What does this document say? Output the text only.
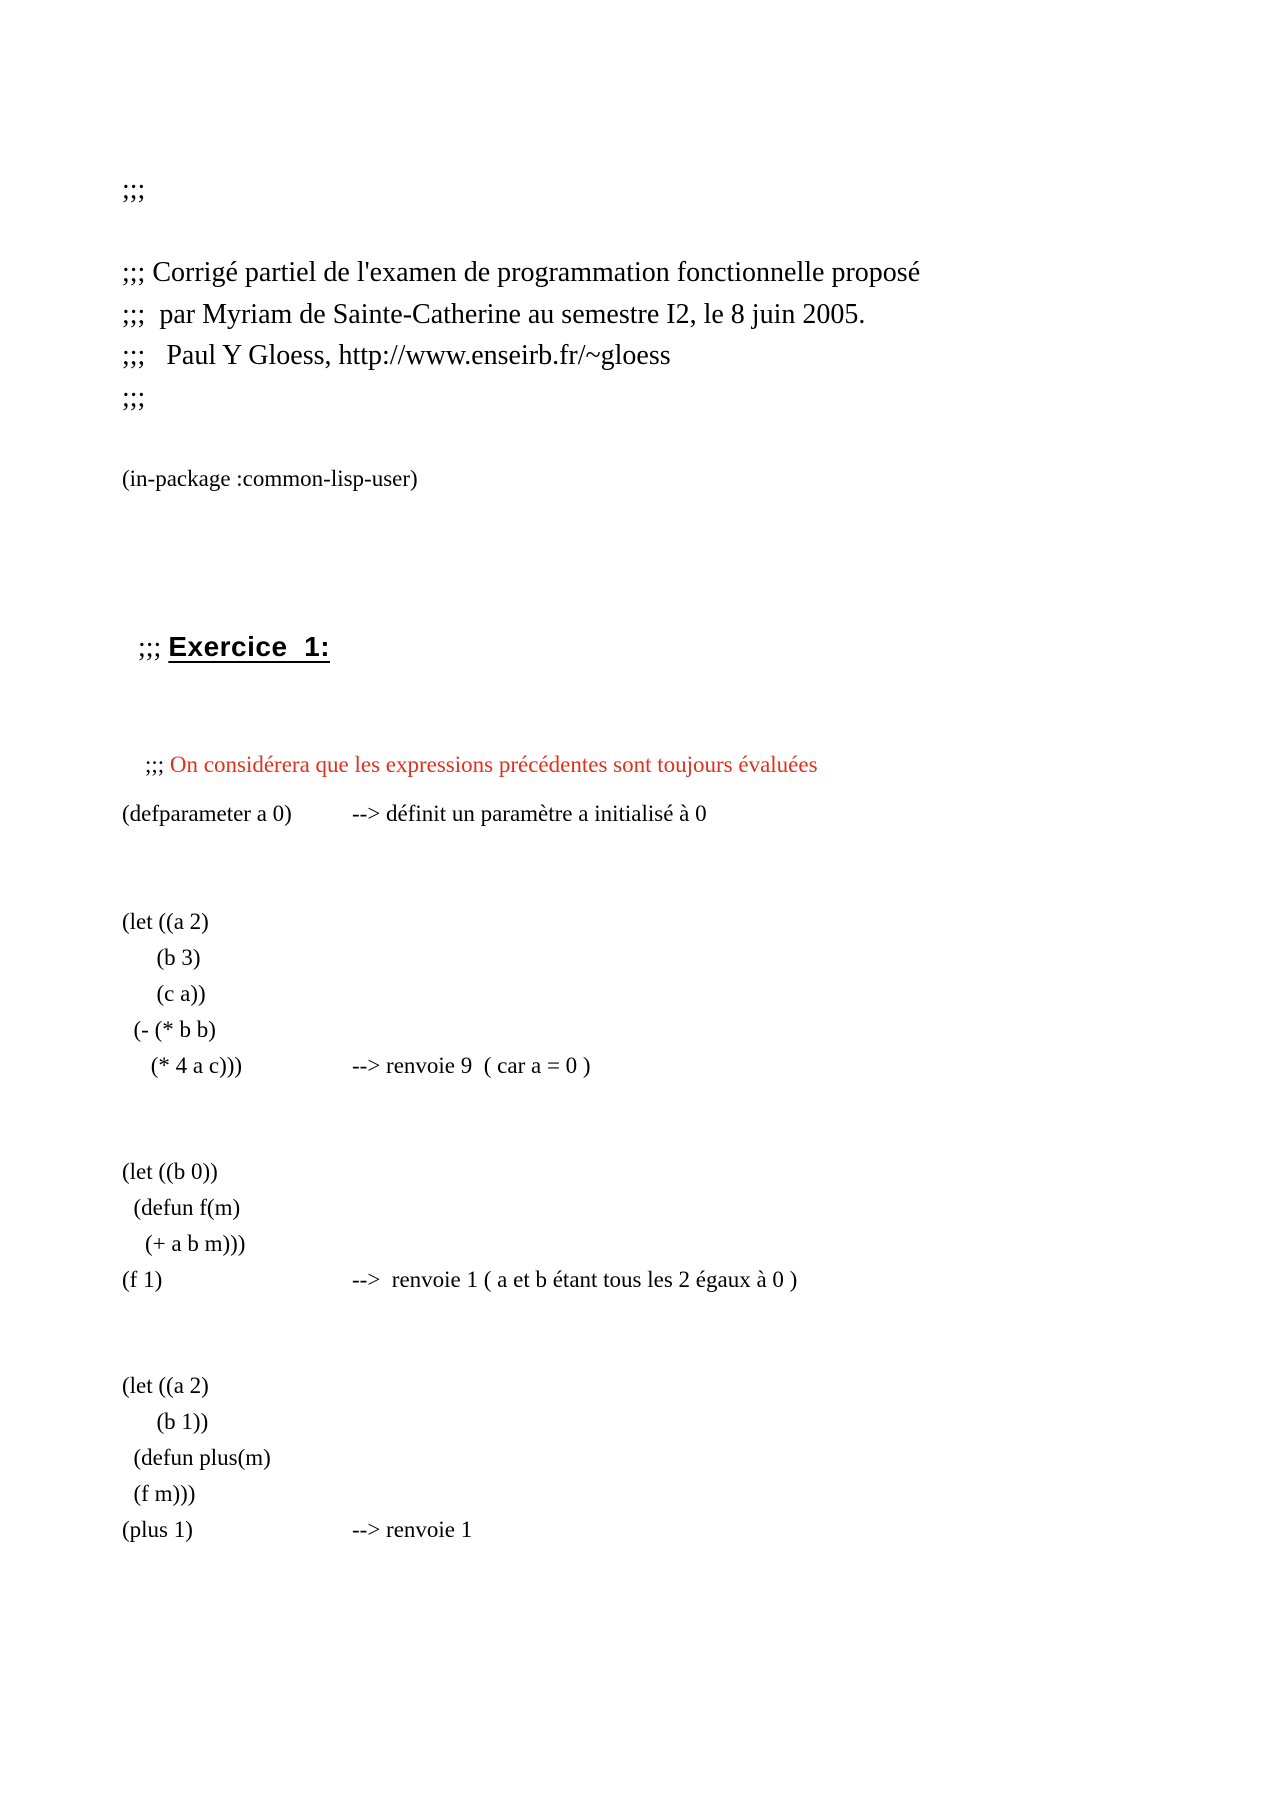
;;;
;;; Corrigé partiel de l'examen de programmation fonctionnelle proposé
;;;  par Myriam de Sainte-Catherine au semestre I2, le 8 juin 2005.
;;;   Paul Y Gloess, http://www.enseirb.fr/~gloess
;;;
(in-package :common-lisp-user)

;;; Exercice  1:

;;; On considérera que les expressions précédentes sont toujours évaluées

(defparameter a 0)	--> définit un paramètre a initialisé à 0
(let ((a 2)
(b 3)
(c a))
(- (* b b)
(* 4 a c)))	--> renvoie 9  ( car a = 0 )
(let ((b 0))
(defun f(m)
(+ a b m)))
(f 1)	-->  renvoie 1 ( a et b étant tous les 2 égaux à 0 )
(let ((a 2)
(b 1))
(defun plus(m)
(f m)))
(plus 1)	--> renvoie 1
